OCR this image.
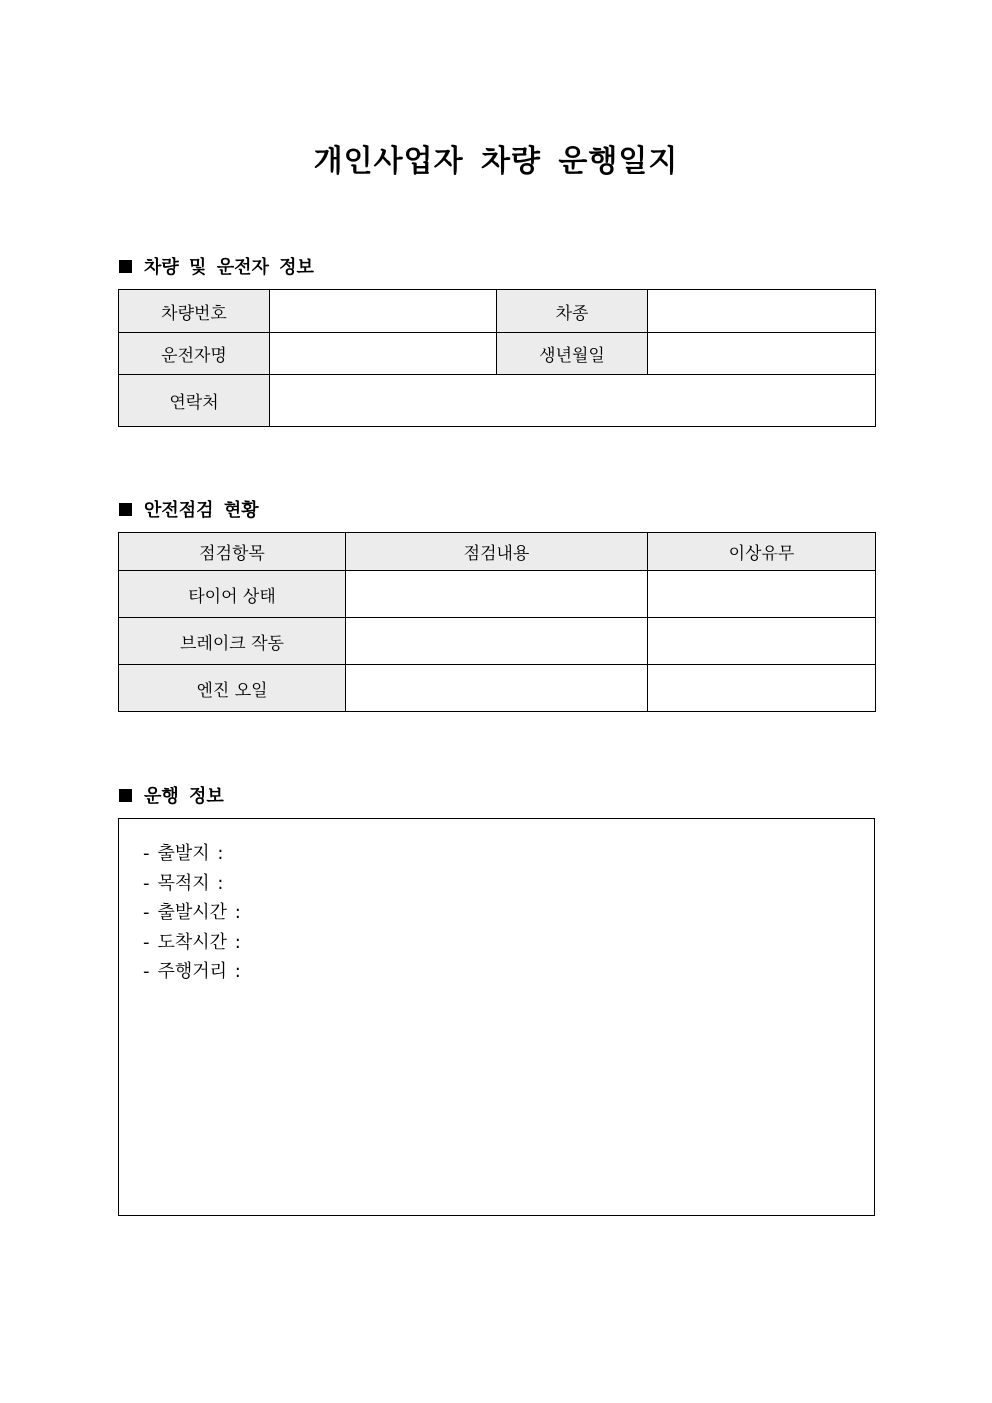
개인사업자 차량 운행일지
차량 및 운전자 정보
차량번호		차종	
운전자명		생년월일	
연락처			
안전점검 현황
점검항목	점검내용	이상유무
타이어 상태		
브레이크 작동		
엔진 오일		
운행 정보
- 출발지 :
- 목적지 :
- 출발시간 :
- 도착시간 :
- 주행거리 :
